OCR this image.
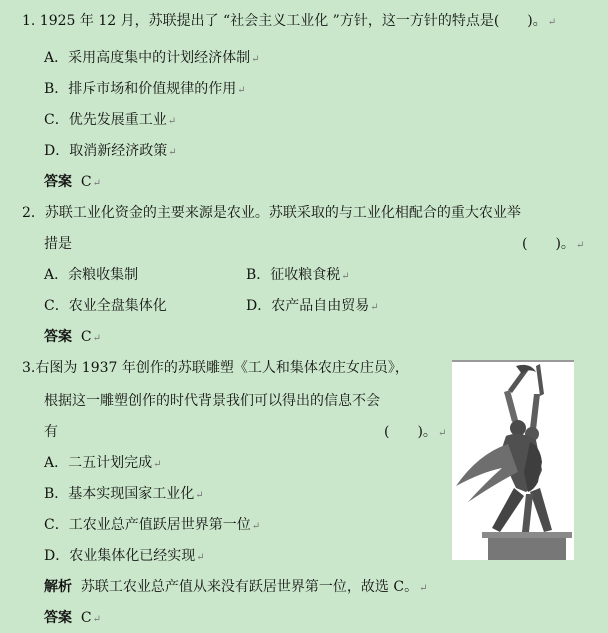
1. 1925 年 12 月，苏联提出了 “社会主义工业化 ”方针，这一方针的特点是(　　)。↵
A．采用高度集中的计划经济体制↵
B．排斥市场和价值规律的作用↵
C．优先发展重工业↵
D．取消新经济政策↵
答案 C↵
2．苏联工业化资金的主要来源是农业。苏联采取的与工业化相配合的重大农业举
措是	(　　)。↵
A．余粮收集制	B．征收粮食税↵
C．农业全盘集体化	D．农产品自由贸易↵
答案 C↵
3.右图为 1937 年创作的苏联雕塑《工人和集体农庄女庄员》，
根据这一雕塑创作的时代背景我们可以得出的信息不会
有	(　　)。↵
A．二五计划完成↵
B．基本实现国家工业化↵
C．工农业总产值跃居世界第一位↵
D．农业集体化已经实现↵
解析 苏联工农业总产值从来没有跃居世界第一位，故选 C。↵
答案 C↵
